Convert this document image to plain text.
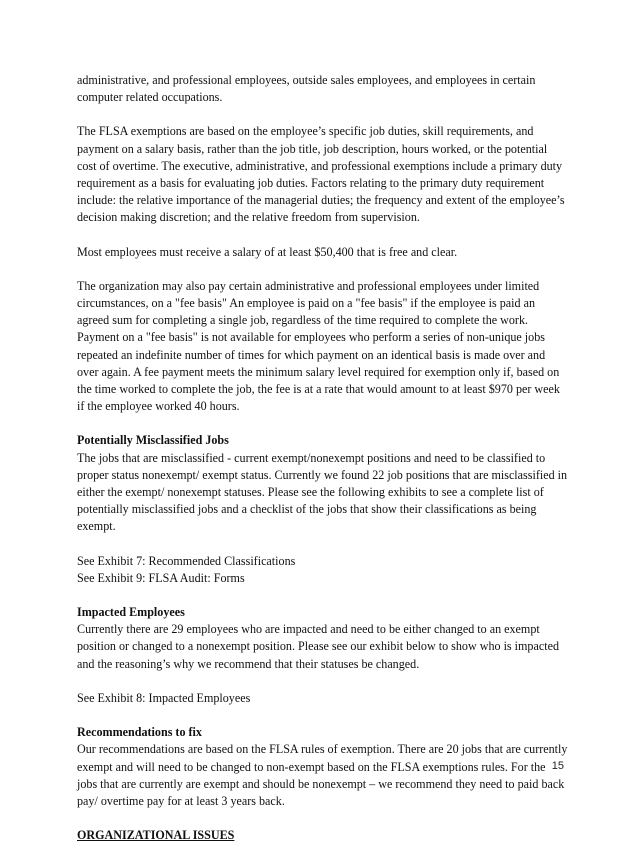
administrative, and professional employees, outside sales employees, and employees in certain computer related occupations.

The FLSA exemptions are based on the employee’s specific job duties, skill requirements, and payment on a salary basis, rather than the job title, job description, hours worked, or the potential cost of overtime. The executive, administrative, and professional exemptions include a primary duty requirement as a basis for evaluating job duties. Factors relating to the primary duty requirement include: the relative importance of the managerial duties; the frequency and extent of the employee’s decision making discretion; and the relative freedom from supervision.

Most employees must receive a salary of at least $50,400 that is free and clear.

The organization may also pay certain administrative and professional employees under limited circumstances, on a "fee basis" An employee is paid on a "fee basis" if the employee is paid an agreed sum for completing a single job, regardless of the time required to complete the work. Payment on a "fee basis" is not available for employees who perform a series of non-unique jobs repeated an indefinite number of times for which payment on an identical basis is made over and over again. A fee payment meets the minimum salary level required for exemption only if, based on the time worked to complete the job, the fee is at a rate that would amount to at least $970 per week if the employee worked 40 hours.

Potentially Misclassified Jobs

The jobs that are misclassified - current exempt/nonexempt positions and need to be classified to proper status nonexempt/ exempt status. Currently we found 22 job positions that are misclassified in either the exempt/ nonexempt statuses. Please see the following exhibits to see a complete list of potentially misclassified jobs and a checklist of the jobs that show their classifications as being exempt.

See Exhibit 7: Recommended Classifications

See Exhibit 9: FLSA Audit: Forms

Impacted Employees

Currently there are 29 employees who are impacted and need to be either changed to an exempt position or changed to a nonexempt position. Please see our exhibit below to show who is impacted and the reasoning’s why we recommend that their statuses be changed.

See Exhibit 8: Impacted Employees

Recommendations to fix

Our recommendations are based on the FLSA rules of exemption. There are 20 jobs that are currently exempt and will need to be changed to non-exempt based on the FLSA exemptions rules. For the jobs that are currently are exempt and should be nonexempt – we recommend they need to paid back pay/ overtime pay for at least 3 years back.

ORGANIZATIONAL ISSUES

15
